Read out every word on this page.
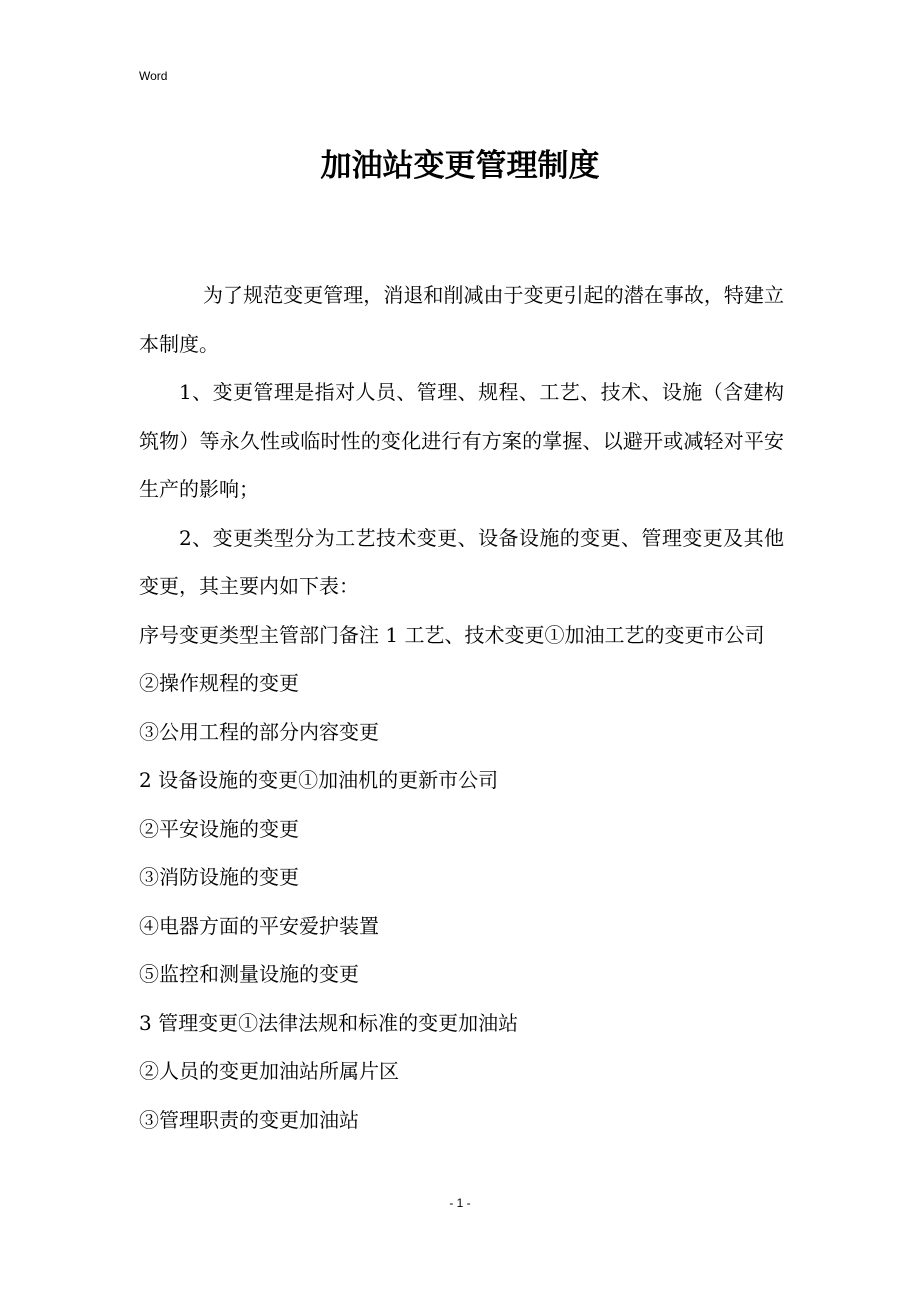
Word
加油站变更管理制度

为了规范变更管理，消退和削减由于变更引起的潜在事故，特建立本制度。

1、变更管理是指对人员、管理、规程、工艺、技术、设施（含建构筑物）等永久性或临时性的变化进行有方案的掌握、以避开或减轻对平安生产的影响；

2、变更类型分为工艺技术变更、设备设施的变更、管理变更及其他变更，其主要内如下表：

序号变更类型主管部门备注 1 工艺、技术变更①加油工艺的变更市公司

②操作规程的变更

③公用工程的部分内容变更

2 设备设施的变更①加油机的更新市公司

②平安设施的变更

③消防设施的变更

④电器方面的平安爱护装置

⑤监控和测量设施的变更

3 管理变更①法律法规和标准的变更加油站

②人员的变更加油站所属片区

③管理职责的变更加油站

- 1 -
